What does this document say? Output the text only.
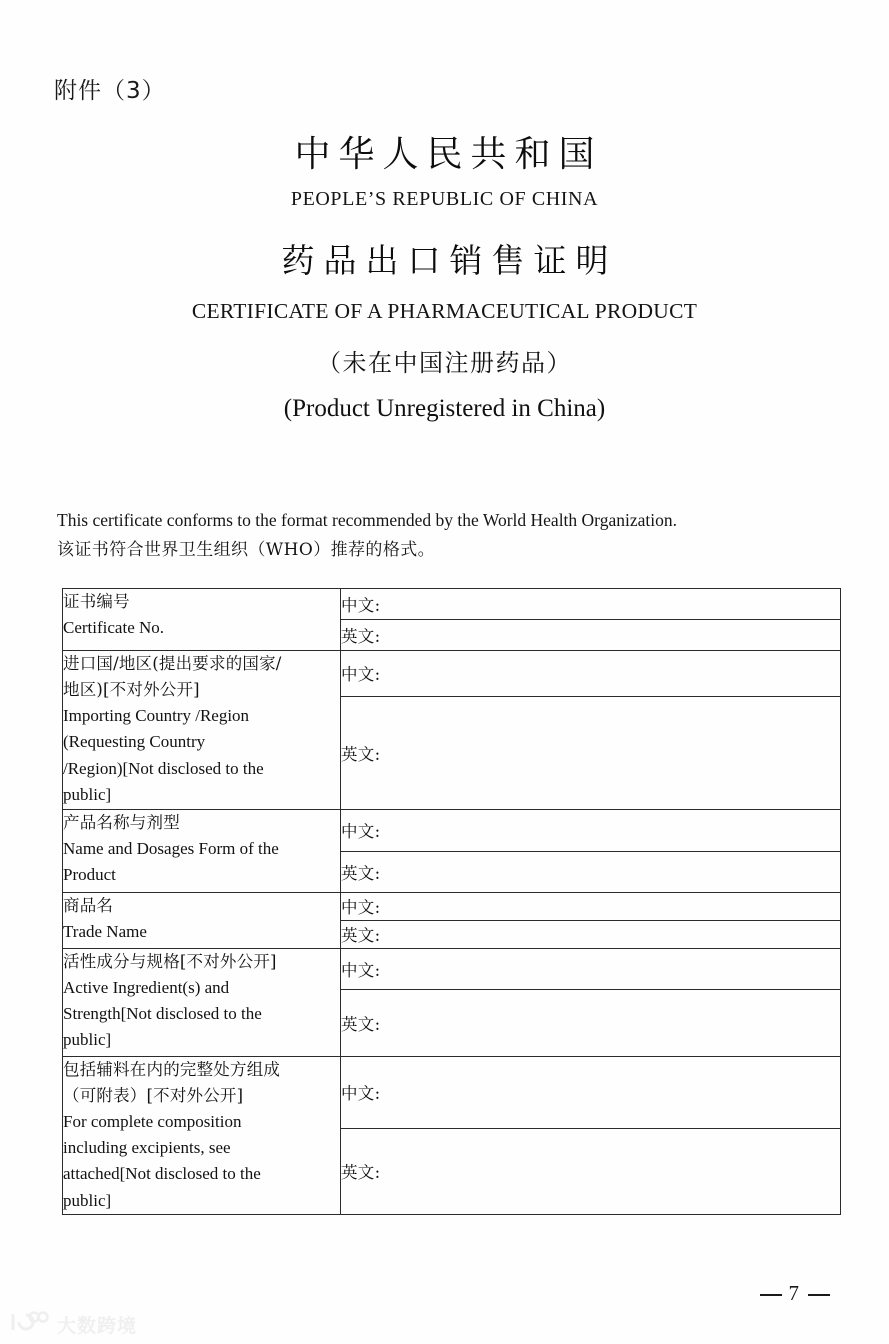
附件（3）
中华人民共和国
PEOPLE’S REPUBLIC OF CHINA
药品出口销售证明
CERTIFICATE OF A PHARMACEUTICAL PRODUCT
（未在中国注册药品）
(Product Unregistered in China)
This certificate conforms to the format recommended by the World Health Organization.
该证书符合世界卫生组织（WHO）推荐的格式。
证书编号
Certificate No.	中文:
	英文:

进口国/地区(提出要求的国家/
地区)[不对外公开]
Importing Country /Region
(Requesting Country
/Region)[Not disclosed to the
public]
	中文:
	英文:

产品名称与剂型
Name and Dosages Form of the
Product	中文:
	英文:

商品名
Trade Name	中文:
	英文:

活性成分与规格[不对外公开]
Active Ingredient(s) and
Strength[Not disclosed to the
public]	中文:
	英文:

包括辅料在内的完整处方组成
（可附表）[不对外公开]
For complete composition
including excipients, see
attached[Not disclosed to the
public]
	中文:
	英文:
7
大数跨境
